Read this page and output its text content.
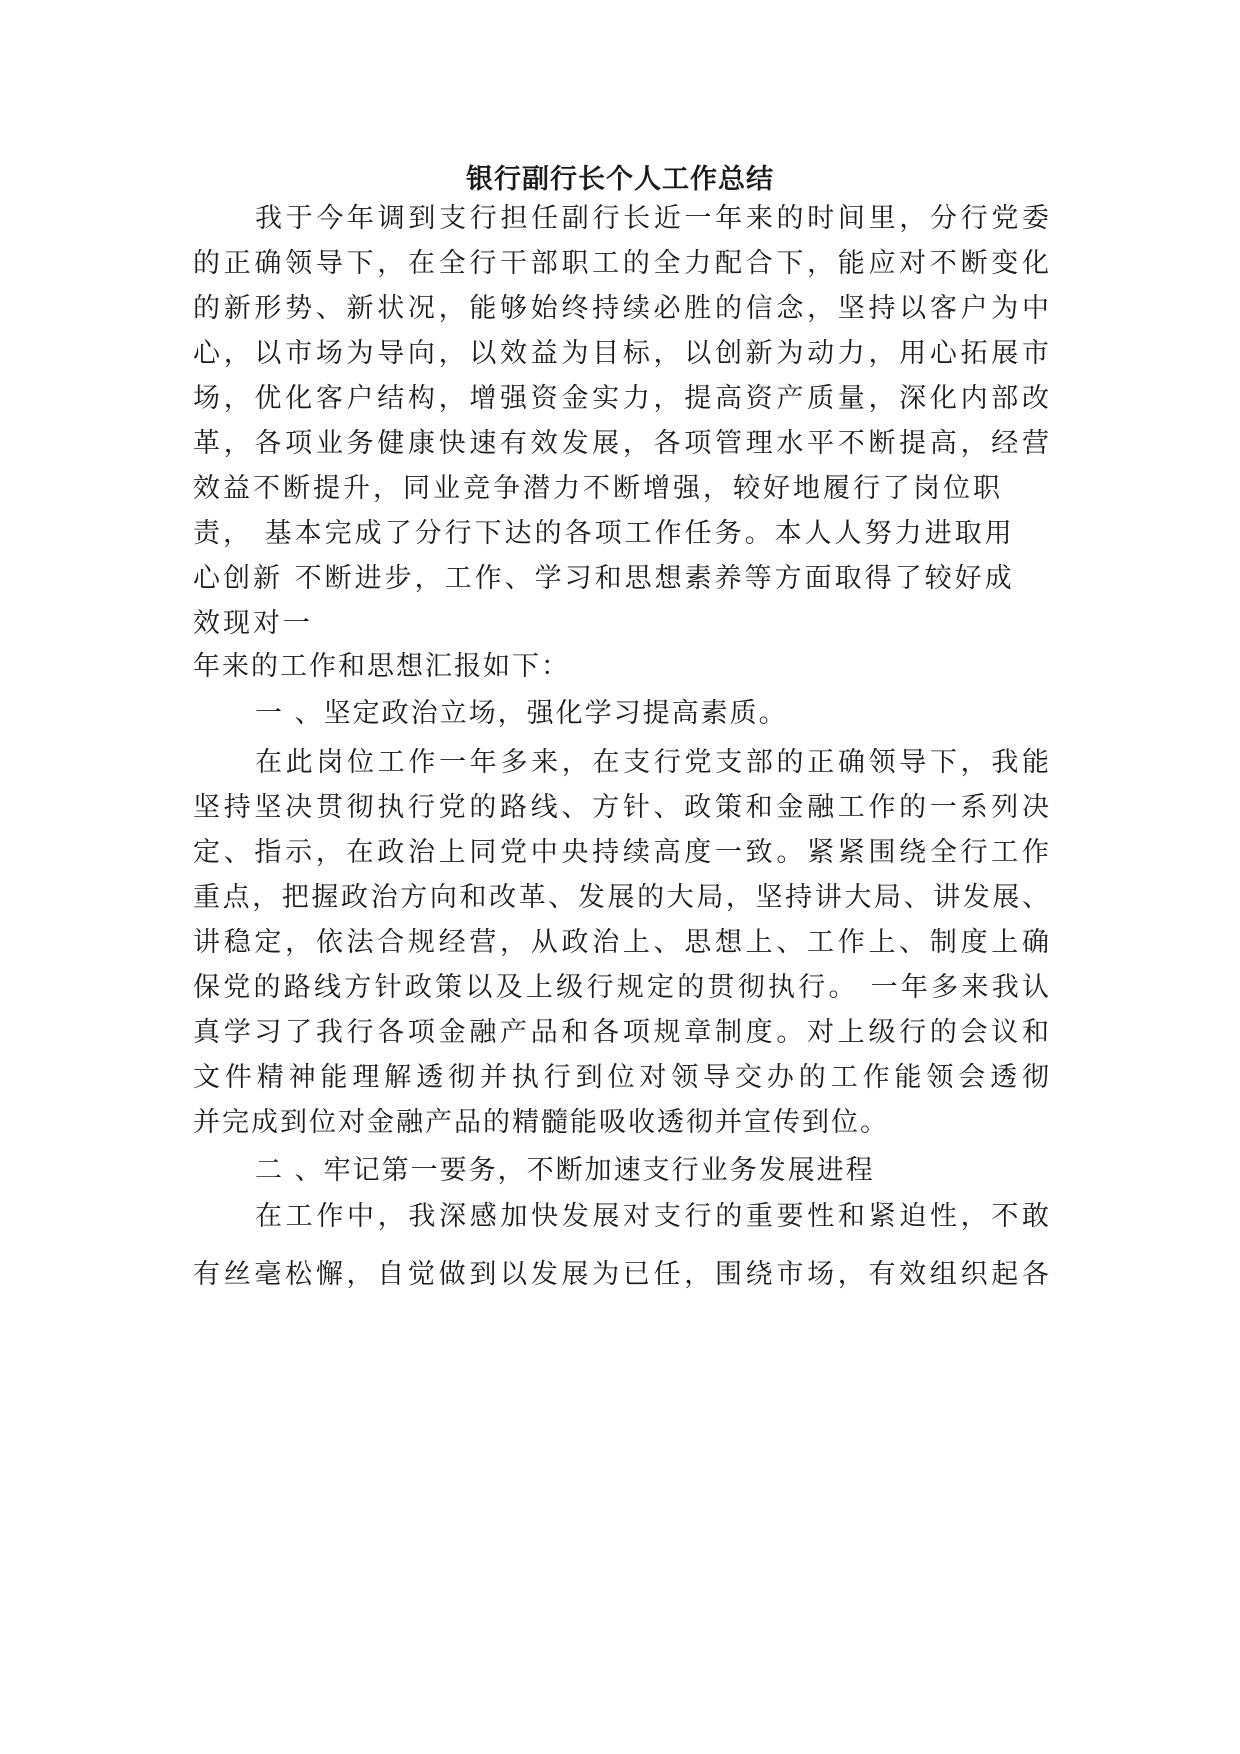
银行副行长个人工作总结
我于今年调到支行担任副行长近一年来的时间里，分行党委
的正确领导下，在全行干部职工的全力配合下，能应对不断变化
的新形势、新状况，能够始终持续必胜的信念，坚持以客户为中
心，以市场为导向，以效益为目标，以创新为动力，用心拓展市
场，优化客户结构，增强资金实力，提高资产质量，深化内部改
革，各项业务健康快速有效发展，各项管理水平不断提高，经营
效益不断提升，同业竞争潜力不断增强，较好地履行了岗位职
责， 基本完成了分行下达的各项工作任务。本人人努力进取用
心创新 不断进步，工作、学习和思想素养等方面取得了较好成
效现对一
年来的工作和思想汇报如下：
一 、坚定政治立场，强化学习提高素质。
在此岗位工作一年多来，在支行党支部的正确领导下，我能
坚持坚决贯彻执行党的路线、方针、政策和金融工作的一系列决
定、指示，在政治上同党中央持续高度一致。紧紧围绕全行工作
重点，把握政治方向和改革、发展的大局，坚持讲大局、讲发展、
讲稳定，依法合规经营，从政治上、思想上、工作上、制度上确
保党的路线方针政策以及上级行规定的贯彻执行。 一年多来我认
真学习了我行各项金融产品和各项规章制度。对上级行的会议和
文件精神能理解透彻并执行到位对领导交办的工作能领会透彻
并完成到位对金融产品的精髓能吸收透彻并宣传到位。
二 、牢记第一要务，不断加速支行业务发展进程
在工作中，我深感加快发展对支行的重要性和紧迫性，不敢
有丝毫松懈，自觉做到以发展为已任，围绕市场，有效组织起各
